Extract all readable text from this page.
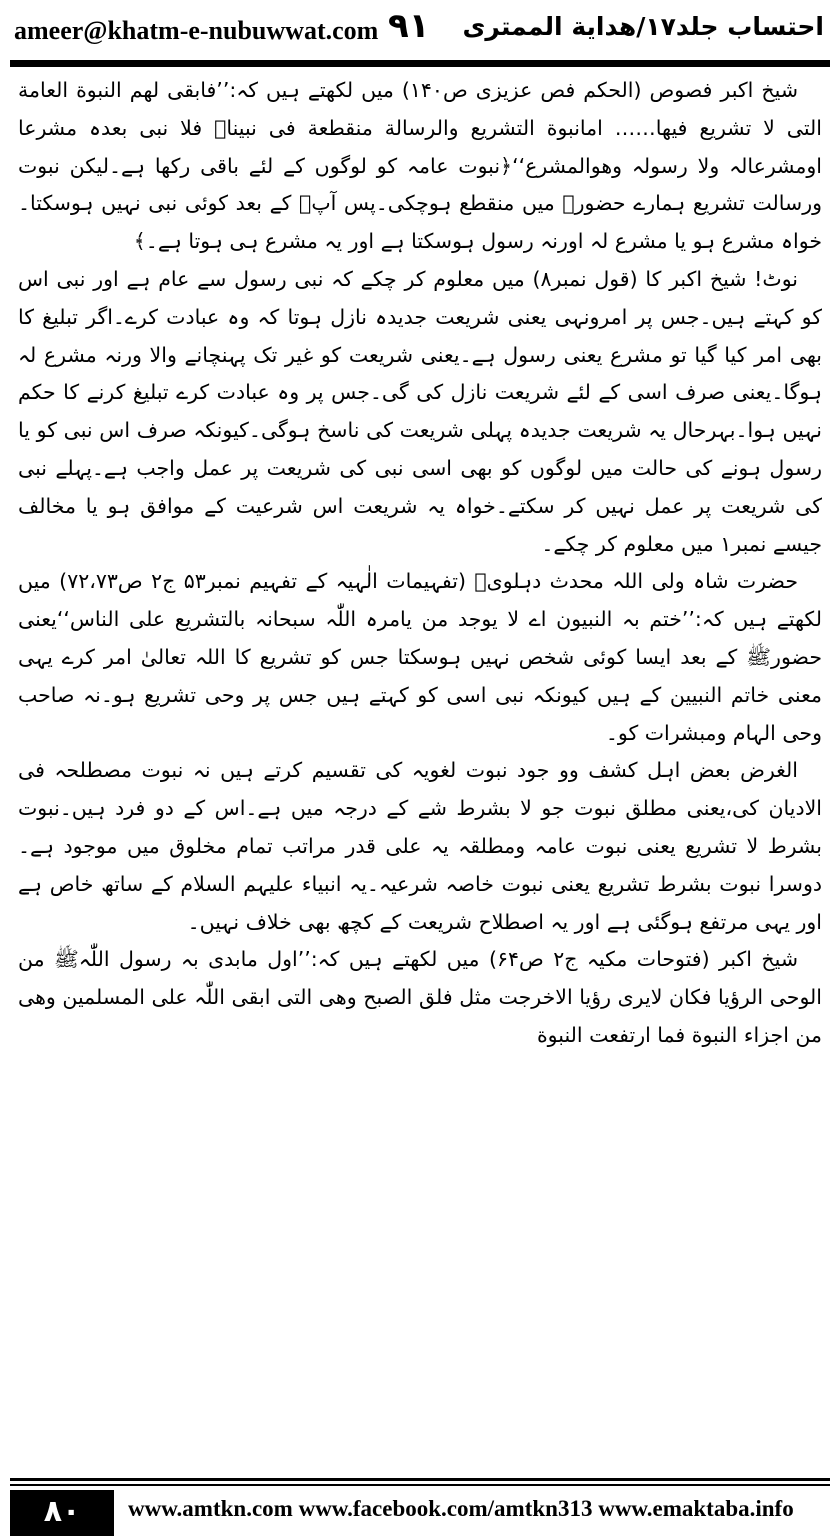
ameer@khatm-e-nubuwwat.com ۹۱ احتساب جلد۱۷/ھدایة الممتری

شیخ اکبر فصوص (الحکم فص عزیزی ص۱۴۰) میں لکھتے ہیں کہ:’’فابقی لھم النبوة العامة التی لا تشریع فیھا…… امانبوة التشریع والرسالة منقطعة فی نبیناﷺ فلا نبی بعدہ مشرعا اومشرعالہ ولا رسولہ وھوالمشرع‘‘﴿نبوت عامہ کو لوگوں کے لئے باقی رکھا ہے۔لیکن نبوت ورسالت تشریع ہمارے حضورﷺ میں منقطع ہوچکی۔پس آپؐ کے بعد کوئی نبی نہیں ہوسکتا۔خواہ مشرع ہو یا مشرع لہ اورنہ رسول ہوسکتا ہے اور یہ مشرع ہی ہوتا ہے۔﴾

نوٹ! شیخ اکبر کا (قول نمبر۸) میں معلوم کر چکے کہ نبی رسول سے عام ہے اور نبی اس کو کہتے ہیں۔جس پر امرونہی یعنی شریعت جدیدہ نازل ہوتا کہ وہ عبادت کرے۔اگر تبلیغ کا بھی امر کیا گیا تو مشرع یعنی رسول ہے۔یعنی شریعت کو غیر تک پہنچانے والا ورنہ مشرع لہ ہوگا۔یعنی صرف اسی کے لئے شریعت نازل کی گی۔جس پر وہ عبادت کرے تبلیغ کرنے کا حکم نہیں ہوا۔بہرحال یہ شریعت جدیدہ پہلی شریعت کی ناسخ ہوگی۔کیونکہ صرف اس نبی کو یا رسول ہونے کی حالت میں لوگوں کو بھی اسی نبی کی شریعت پر عمل واجب ہے۔پہلے نبی کی شریعت پر عمل نہیں کر سکتے۔خواہ یہ شریعت اس شرعیت کے موافق ہو یا مخالف جیسے نمبر۱ میں معلوم کر چکے۔

حضرت شاہ ولی اللہ محدث دہلویؒ (تفہیمات الٰہیہ کے تفہیم نمبر۵۳ ج۲ ص۷۲،۷۳) میں لکھتے ہیں کہ:’’ختم بہ النبیون اے لا یوجد من یامرہ اللّٰہ سبحانہ بالتشریع علی الناس‘‘یعنی حضورﷺ کے بعد ایسا کوئی شخص نہیں ہوسکتا جس کو تشریع کا اللہ تعالیٰ امر کرے یہی معنی خاتم النبیین کے ہیں کیونکہ نبی اسی کو کہتے ہیں جس پر وحی تشریع ہو۔نہ صاحب وحی الہام ومبشرات کو۔

الغرض بعض اہل کشف وو جود نبوت لغویہ کی تقسیم کرتے ہیں نہ نبوت مصطلحہ فی الادیان کی،یعنی مطلق نبوت جو لا بشرط شے کے درجہ میں ہے۔اس کے دو فرد ہیں۔نبوت بشرط لا تشریع یعنی نبوت عامہ ومطلقہ یہ علی قدر مراتب تمام مخلوق میں موجود ہے۔دوسرا نبوت بشرط تشریع یعنی نبوت خاصہ شرعیہ۔یہ انبیاء علیہم السلام کے ساتھ خاص ہے اور یہی مرتفع ہوگئی ہے اور یہ اصطلاح شریعت کے کچھ بھی خلاف نہیں۔

شیخ اکبر (فتوحات مکیہ ج۲ ص۶۴) میں لکھتے ہیں کہ:’’اول مابدی بہ رسول اللّٰہﷺ من الوحی الرؤیا فکان لایری رؤیا الاخرجت مثل فلق الصبح وھی التی ابقی اللّٰہ علی المسلمین وھی من اجزاء النبوة فما ارتفعت النبوة

۸۰	www.amtkn.com www.facebook.com/amtkn313 www.emaktaba.info
